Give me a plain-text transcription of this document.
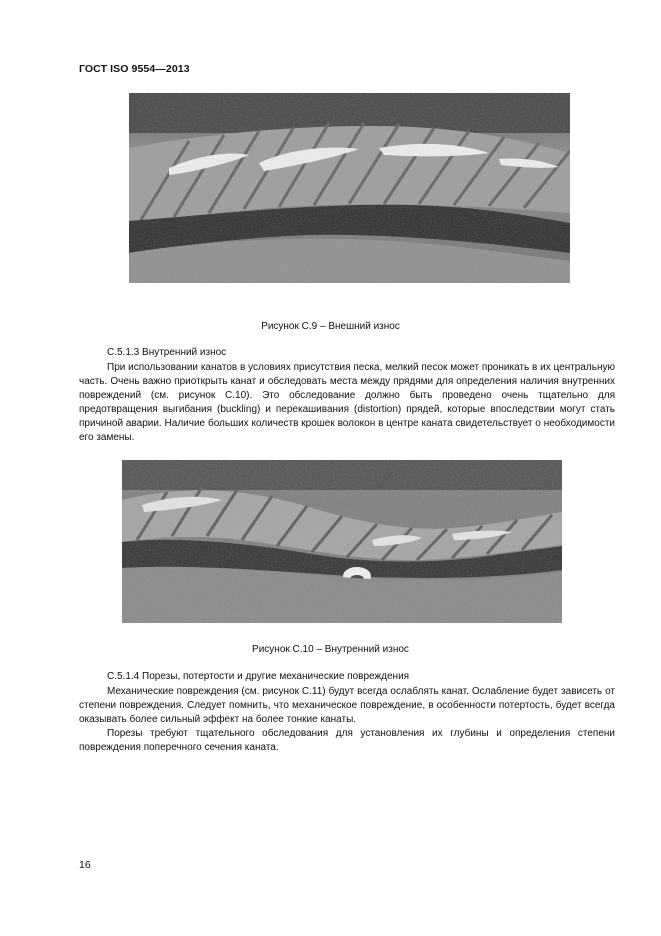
ГОСТ ISO 9554—2013
Рисунок С.9 – Внешний износ
С.5.1.3 Внутренний износ

При использовании канатов в условиях присутствия песка, мелкий песок может проникать в их центральную часть. Очень важно приоткрыть канат и обследовать места между прядями для определения наличия внутренних повреждений (см. рисунок С.10). Это обследование должно быть проведено очень тщательно для предотвращения выгибания (buckling) и перекашивания (distortion) прядей, которые впоследствии могут стать причиной аварии. Наличие больших количеств крошек волокон в центре каната свидетельствует о необходимости его замены.

Рисунок С.10 – Внутренний износ
С.5.1.4 Порезы, потертости и другие механические повреждения

Механические повреждения (см. рисунок С.11) будут всегда ослаблять канат. Ослабление будет зависеть от степени повреждения. Следует помнить, что механическое повреждение, в особенности потертость, будет всегда оказывать более сильный эффект на более тонкие канаты.

Порезы требуют тщательного обследования для установления их глубины и определения степени повреждения поперечного сечения каната.

16
